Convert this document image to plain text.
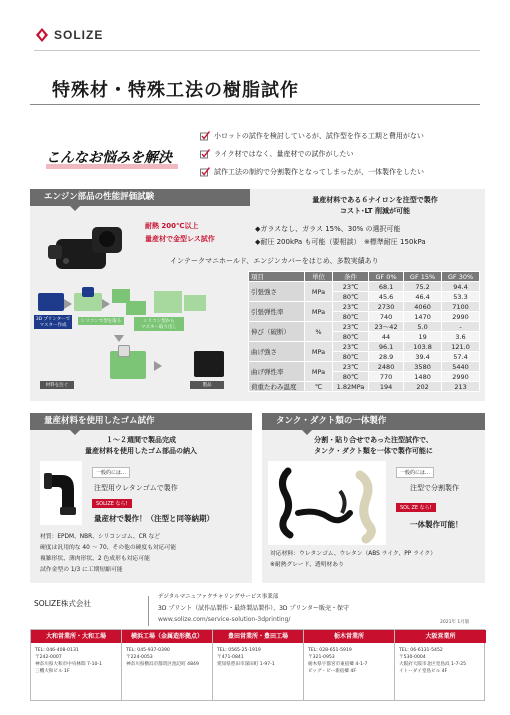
SOLIZE
特殊材・特殊工法の樹脂試作
こんなお悩みを解決
小ロットの試作を検討しているが、試作型を作る工期と費用がない
ライク材ではなく、量産材での試作がしたい
試作工法の制約で分割製作となってしまったが、一体製作をしたい
エンジン部品の性能評価試験
耐熱 200℃以上
量産材で金型レス試作
量産材料である６ナイロンを注型で製作
コスト･LT 削減が可能
◆ガラスなし、ガラス 15%、30% の選択可能
◆耐圧 200kPa も可能（要相談）　※標準耐圧 150kPa
インテークマニホールド、エンジンカバーをはじめ、多数実績あり
3D プリンターで
マスター作成
シリコンで型を取る	シリコン型から
マスター取り出し
材料を注ぐ	製品
項目	単位	条件	GF 0%	GF 15%	GF 30%
引張強さ	MPa	23℃	68.1	75.2	94.4
		80℃	45.6	46.4	53.3
引張弾性率	MPa	23℃	2730	4060	7100
		80℃	740	1470	2990
伸び（破断）	%	23℃	23～42	5.0	-
		80℃	44	19	3.6
曲げ強さ	MPa	23℃	96.1	103.8	121.0
		80℃	28.9	39.4	57.4
曲げ弾性率	MPa	23℃	2480	3580	5440
		80℃	770	1480	2990
荷重たわみ温度	℃	1.82MPa	194	202	213
量産材料を使用したゴム試作
１～２週間で製品完成
量産材料を使用したゴム部品の納入
一般的には…
注型用ウレタンゴムで製作
SOLIZE なら!
量産材で製作！（注型と同等納期）
材質：EPDM、NBR、シリコンゴム、CR など
硬度は汎用的な 40 ～ 70、その他の硬度も対応可能
複雑形状、薄肉形状、2 色成形も対応可能
試作金型の 1/3 に工期短縮可能
タンク・ダクト類の一体製作
分割・貼り合せであった注型試作で、
タンク・ダクト類を一体で製作可能に
一般的には…
注型で分割製作
SOL ZE なら!
一体製作可能！
対応材料：ウレタンゴム、ウレタン（ABS ライク、PP ライク）
※耐熱グレード、透明材あり
SOLIZE株式会社
デジタルマニュファクチャリングサービス事業部
3D プリント（試作品製作・最終製品製作）、3D プリンター販売・保守
www.solize.com/service-solution-3dprinting/	2021年 1月版
大和営業所・大和工場
TEL: 046-408-0131
〒242-0007
神奈川県大和市中央林間 7-10-1
三機大和ビル 1F
横浜工場（金属造形拠点）
TEL: 045-937-0390
〒224-0053
神奈川県横浜市都筑区池辺町 4849
豊田営業所・豊田工場
TEL: 0565-25-1919
〒471-0841
愛知県豊田市深田町 1-97-1
栃木営業所
TEL: 028-651-5919
〒321-0953
栃木県宇都宮市東宿郷 4-1-7
ビッグ・ビー新宿郷 4F
大阪営業所
TEL: 06-6131-5452
〒530-0004
大阪府大阪市北区堂島浜 1-7-25
イトーダイ堂島ビル 4F
